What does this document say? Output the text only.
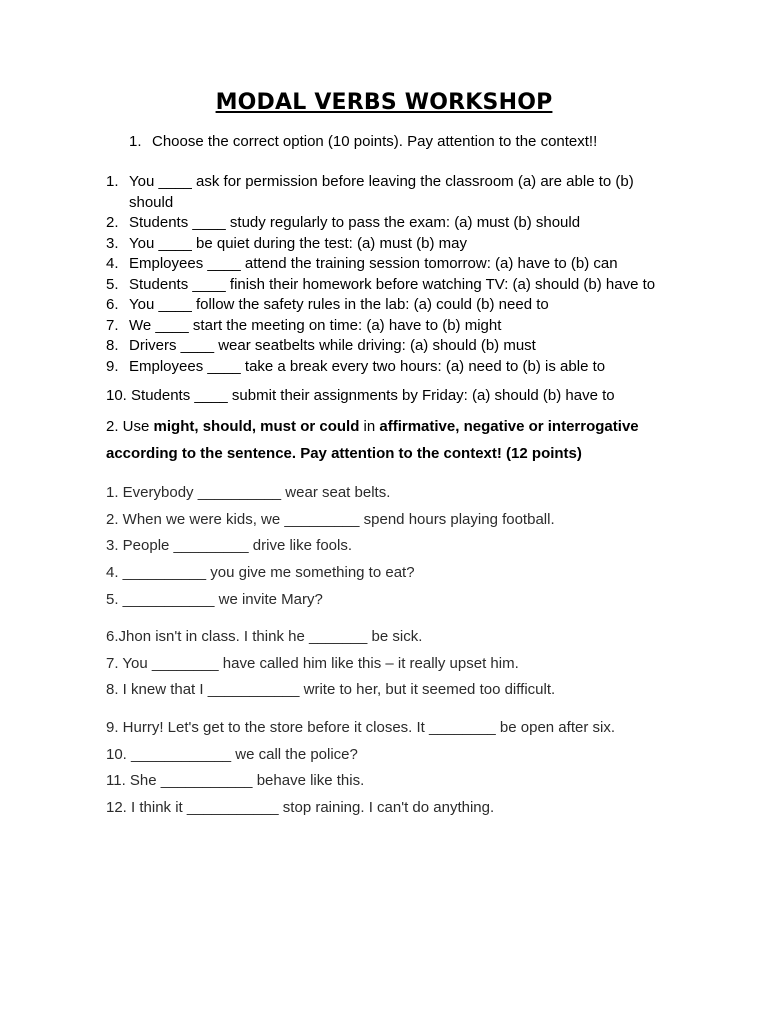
MODAL VERBS WORKSHOP
1. Choose the correct option (10 points). Pay attention to the context!!
1. You ____ ask for permission before leaving the classroom (a) are able to (b) should
2. Students ____ study regularly to pass the exam: (a) must (b) should
3. You ____ be quiet during the test: (a) must (b) may
4. Employees ____ attend the training session tomorrow: (a) have to (b) can
5. Students ____ finish their homework before watching TV: (a) should (b) have to
6. You ____ follow the safety rules in the lab: (a) could (b) need to
7. We ____ start the meeting on time: (a) have to (b) might
8. Drivers ____ wear seatbelts while driving: (a) should (b) must
9. Employees ____ take a break every two hours: (a) need to (b) is able to
10. Students ____ submit their assignments by Friday: (a) should (b) have to
2. Use might, should, must or could in affirmative, negative or interrogative according to the sentence. Pay attention to the context! (12 points)
1. Everybody __________ wear seat belts.
2. When we were kids, we _________ spend hours playing football.
3. People _________ drive like fools.
4. __________ you give me something to eat?
5. ___________ we invite Mary?
6.Jhon isn't in class. I think he _______ be sick.
7. You ________ have called him like this – it really upset him.
8. I knew that I ___________ write to her, but it seemed too difficult.
9. Hurry! Let's get to the store before it closes. It ________ be open after six.
10. ____________ we call the police?
11. She ___________ behave like this.
12. I think it ___________ stop raining. I can't do anything.
